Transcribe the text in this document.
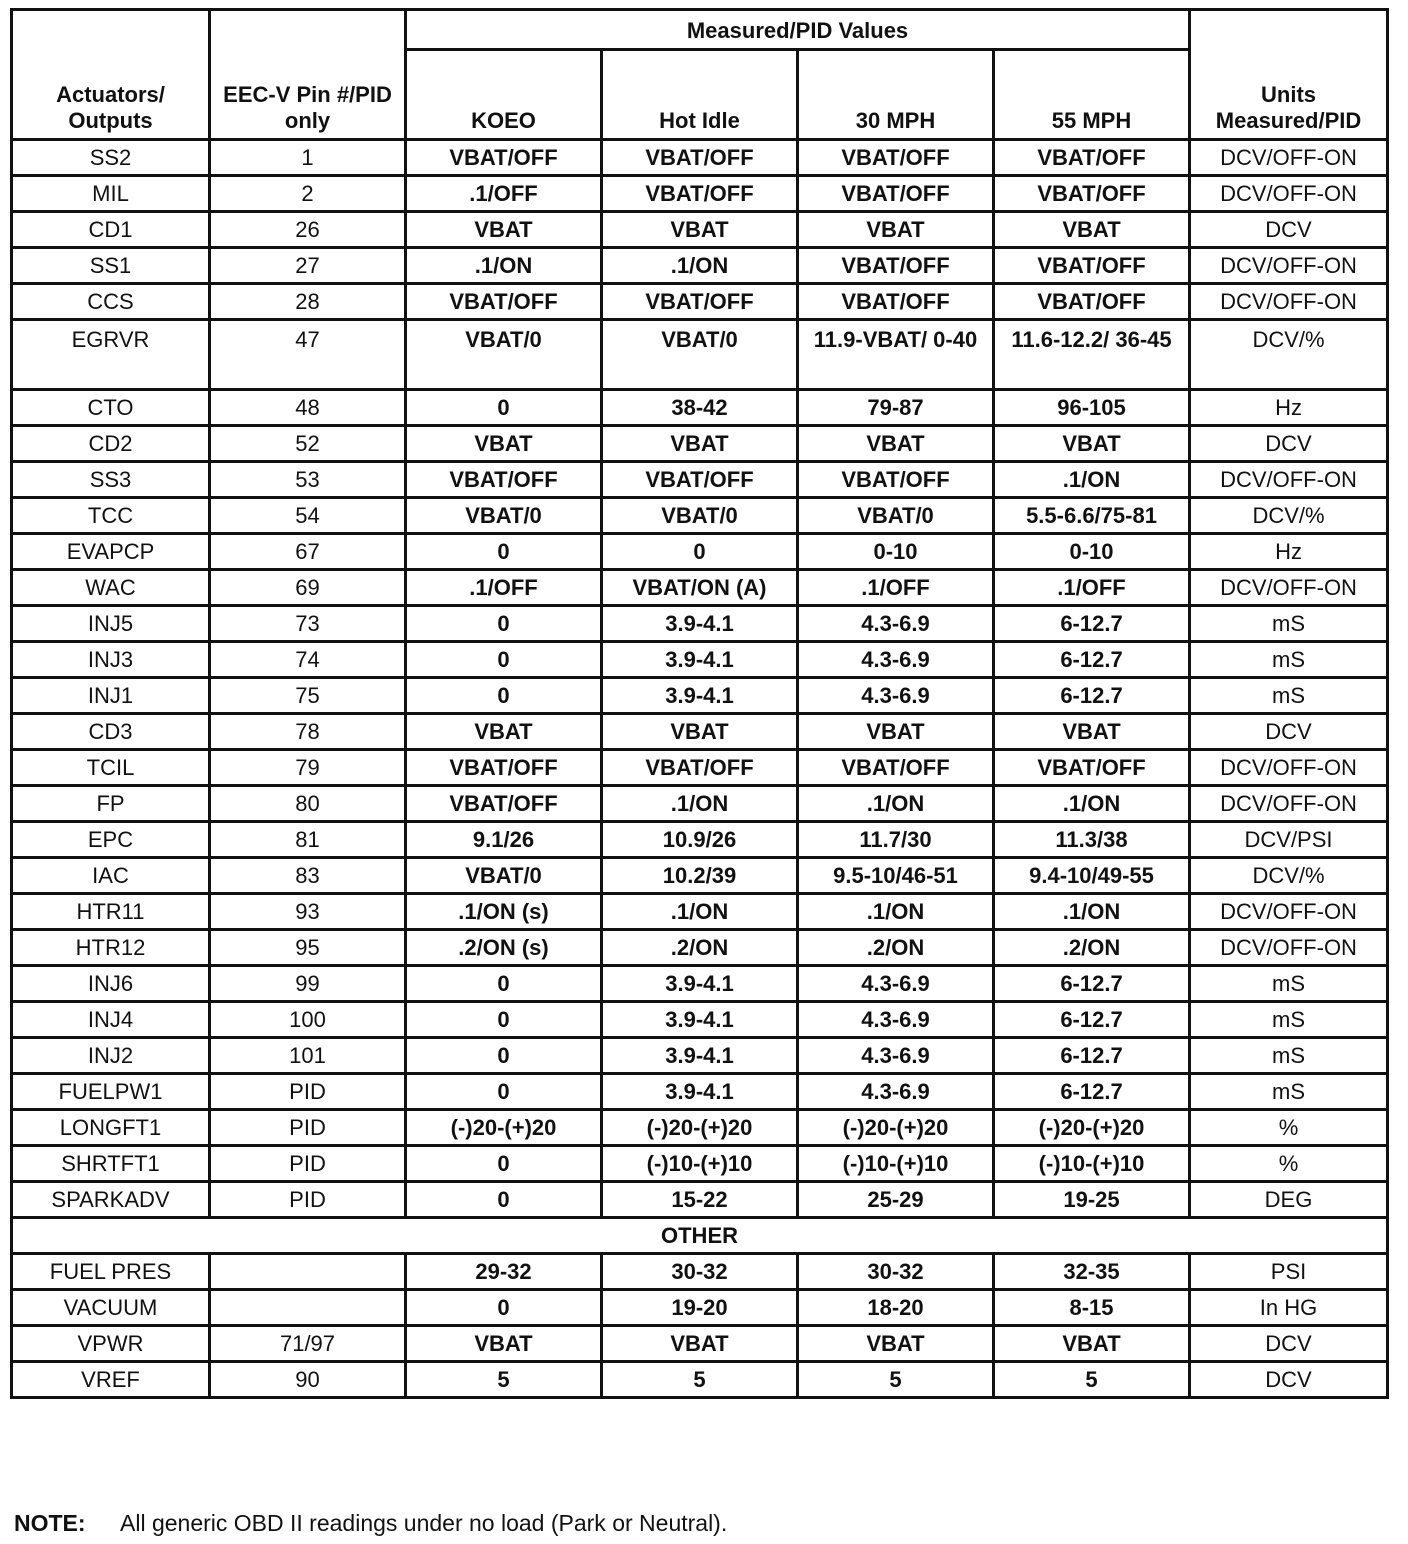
Actuators/ Outputs	EEC-V Pin #/PID only	Measured/PID Values				Units Measured/PID
		KOEO	Hot Idle	30 MPH	55 MPH	
SS2	1	VBAT/OFF	VBAT/OFF	VBAT/OFF	VBAT/OFF	DCV/OFF-ON
MIL	2	.1/OFF	VBAT/OFF	VBAT/OFF	VBAT/OFF	DCV/OFF-ON
CD1	26	VBAT	VBAT	VBAT	VBAT	DCV
SS1	27	.1/ON	.1/ON	VBAT/OFF	VBAT/OFF	DCV/OFF-ON
CCS	28	VBAT/OFF	VBAT/OFF	VBAT/OFF	VBAT/OFF	DCV/OFF-ON
EGRVR	47	VBAT/0	VBAT/0	11.9-VBAT/ 0-40	11.6-12.2/ 36-45	DCV/%
CTO	48	0	38-42	79-87	96-105	Hz
CD2	52	VBAT	VBAT	VBAT	VBAT	DCV
SS3	53	VBAT/OFF	VBAT/OFF	VBAT/OFF	.1/ON	DCV/OFF-ON
TCC	54	VBAT/0	VBAT/0	VBAT/0	5.5-6.6/75-81	DCV/%
EVAPCP	67	0	0	0-10	0-10	Hz
WAC	69	.1/OFF	VBAT/ON (A)	.1/OFF	.1/OFF	DCV/OFF-ON
INJ5	73	0	3.9-4.1	4.3-6.9	6-12.7	mS
INJ3	74	0	3.9-4.1	4.3-6.9	6-12.7	mS
INJ1	75	0	3.9-4.1	4.3-6.9	6-12.7	mS
CD3	78	VBAT	VBAT	VBAT	VBAT	DCV
TCIL	79	VBAT/OFF	VBAT/OFF	VBAT/OFF	VBAT/OFF	DCV/OFF-ON
FP	80	VBAT/OFF	.1/ON	.1/ON	.1/ON	DCV/OFF-ON
EPC	81	9.1/26	10.9/26	11.7/30	11.3/38	DCV/PSI
IAC	83	VBAT/0	10.2/39	9.5-10/46-51	9.4-10/49-55	DCV/%
HTR11	93	.1/ON (s)	.1/ON	.1/ON	.1/ON	DCV/OFF-ON
HTR12	95	.2/ON (s)	.2/ON	.2/ON	.2/ON	DCV/OFF-ON
INJ6	99	0	3.9-4.1	4.3-6.9	6-12.7	mS
INJ4	100	0	3.9-4.1	4.3-6.9	6-12.7	mS
INJ2	101	0	3.9-4.1	4.3-6.9	6-12.7	mS
FUELPW1	PID	0	3.9-4.1	4.3-6.9	6-12.7	mS
LONGFT1	PID	(-)20-(+)20	(-)20-(+)20	(-)20-(+)20	(-)20-(+)20	%
SHRTFT1	PID	0	(-)10-(+)10	(-)10-(+)10	(-)10-(+)10	%
SPARKADV	PID	0	15-22	25-29	19-25	DEG
OTHER						
FUEL PRES		29-32	30-32	30-32	32-35	PSI
VACUUM		0	19-20	18-20	8-15	In HG
VPWR	71/97	VBAT	VBAT	VBAT	VBAT	DCV
VREF	90	5	5	5	5	DCV
NOTE: All generic OBD II readings under no load (Park or Neutral).
